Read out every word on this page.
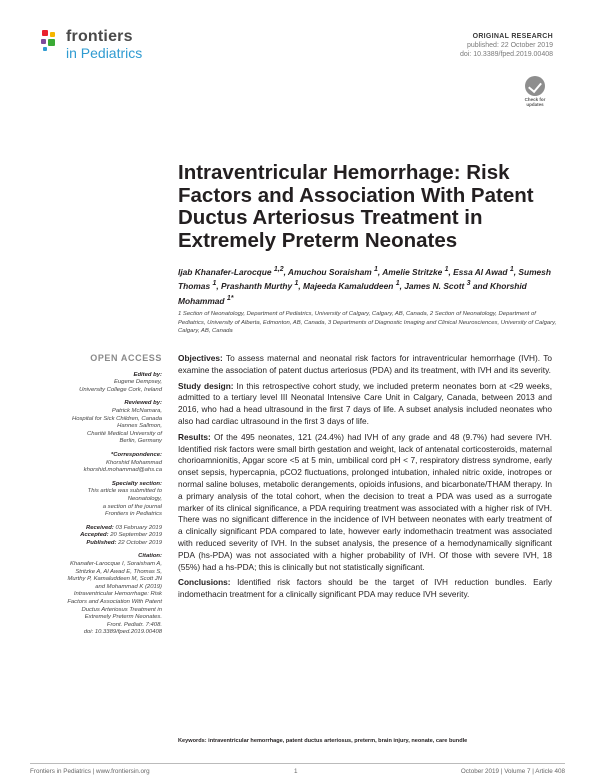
frontiers
in Pediatrics
ORIGINAL RESEARCH
published: 22 October 2019
doi: 10.3389/fped.2019.00408
Check for
updates
Intraventricular Hemorrhage: Risk Factors and Association With Patent Ductus Arteriosus Treatment in Extremely Preterm Neonates
Ijab Khanafer-Larocque $^{1,2}$, Amuchou Soraisham $^1$, Amelie Stritzke $^1$, Essa Al Awad $^1$, Sumesh Thomas $^1$, Prashanth Murthy $^1$, Majeeda Kamaluddeen $^1$, James N. Scott $^3$ and Khorshid Mohammad $^{1*}$
1 Section of Neonatology, Department of Pediatrics, University of Calgary, Calgary, AB, Canada, 2 Section of Neonatology, Department of Pediatrics, University of Alberta, Edmonton, AB, Canada, 3 Departments of Diagnostic Imaging and Clinical Neurosciences, University of Calgary, Calgary, AB, Canada
OPEN ACCESS
Edited by:
Eugene Dempsey,
University College Cork, Ireland
Reviewed by:
Patrick McNamara,
Hospital for Sick Children, Canada
Hannes Sallmon,
Charité Medical University of
Berlin, Germany
*Correspondence:
Khorshid Mohammad
khorshid.mohammad@ahs.ca
Specialty section:
This article was submitted to
Neonatology,
a section of the journal
Frontiers in Pediatrics
Received: 03 February 2019
Accepted: 20 September 2019
Published: 22 October 2019
Citation:
Khanafer-Larocque I, Soraisham A,
Stritzke A, Al Awad E, Thomas S,
Murthy P, Kamaluddeen M, Scott JN
and Mohammad K (2019)
Intraventricular Hemorrhage: Risk
Factors and Association With Patent
Ductus Arteriosus Treatment in
Extremely Preterm Neonates.
Front. Pediatr. 7:408.
doi: 10.3389/fped.2019.00408

Objectives: To assess maternal and neonatal risk factors for intraventricular hemorrhage (IVH). To examine the association of patent ductus arteriosus (PDA) and its treatment, with IVH and its severity.

Study design: In this retrospective cohort study, we included preterm neonates born at <29 weeks, admitted to a tertiary level III Neonatal Intensive Care Unit in Calgary, Canada, between 2013 and 2016, who had a head ultrasound in the first 7 days of life. A subset analysis included neonates who also had cardiac ultrasound in the first 3 days of life.

Results: Of the 495 neonates, 121 (24.4%) had IVH of any grade and 48 (9.7%) had severe IVH. Identified risk factors were small birth gestation and weight, lack of antenatal corticosteroids, maternal chorioamnionitis, Apgar score <5 at 5 min, umbilical cord pH < 7, respiratory distress syndrome, early onset sepsis, hypercapnia, pCO2 fluctuations, prolonged intubation, inhaled nitric oxide, inotropes or normal saline boluses, metabolic derangements, opioids infusions, and bicarbonate/THAM therapy. In a primary analysis of the total cohort, when the decision to treat a PDA was used as a surrogate marker of its clinical significance, a PDA requiring treatment was associated with a higher risk of IVH. There was no significant difference in the incidence of IVH between neonates with early treatment of a clinically significant PDA compared to late, however early indomethacin treatment was associated with reduced severity of IVH. In the subset analysis, the presence of a hemodynamically significant PDA (hs-PDA) was not associated with a higher probability of IVH. Of those with severe IVH, 18 (55%) had a hs-PDA; this is clinically but not statistically significant.

Conclusions: Identified risk factors should be the target of IVH reduction bundles. Early indomethacin treatment for a clinically significant PDA may reduce IVH severity.

Keywords: intraventricular hemorrhage, patent ductus arteriosus, preterm, brain injury, neonate, care bundle
Frontiers in Pediatrics | www.frontiersin.org	1	October 2019 | Volume 7 | Article 408
